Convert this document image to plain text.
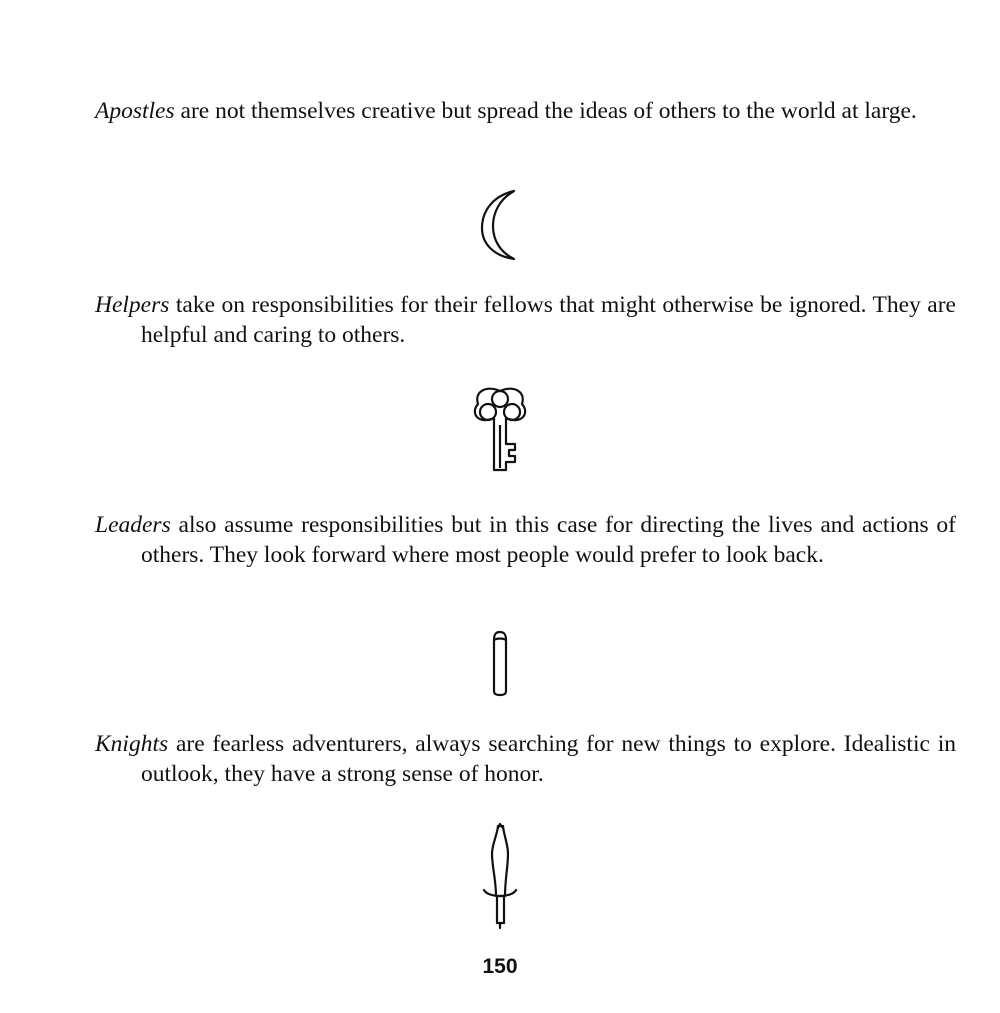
Apostles are not themselves creative but spread the ideas of others to the world at large.

Helpers take on responsibilities for their fellows that might otherwise be ignored. They are helpful and caring to others.

Leaders also assume responsibilities but in this case for directing the lives and actions of others. They look forward where most people would prefer to look back.

Knights are fearless adventurers, always searching for new things to explore. Idealistic in outlook, they have a strong sense of honor.

150
